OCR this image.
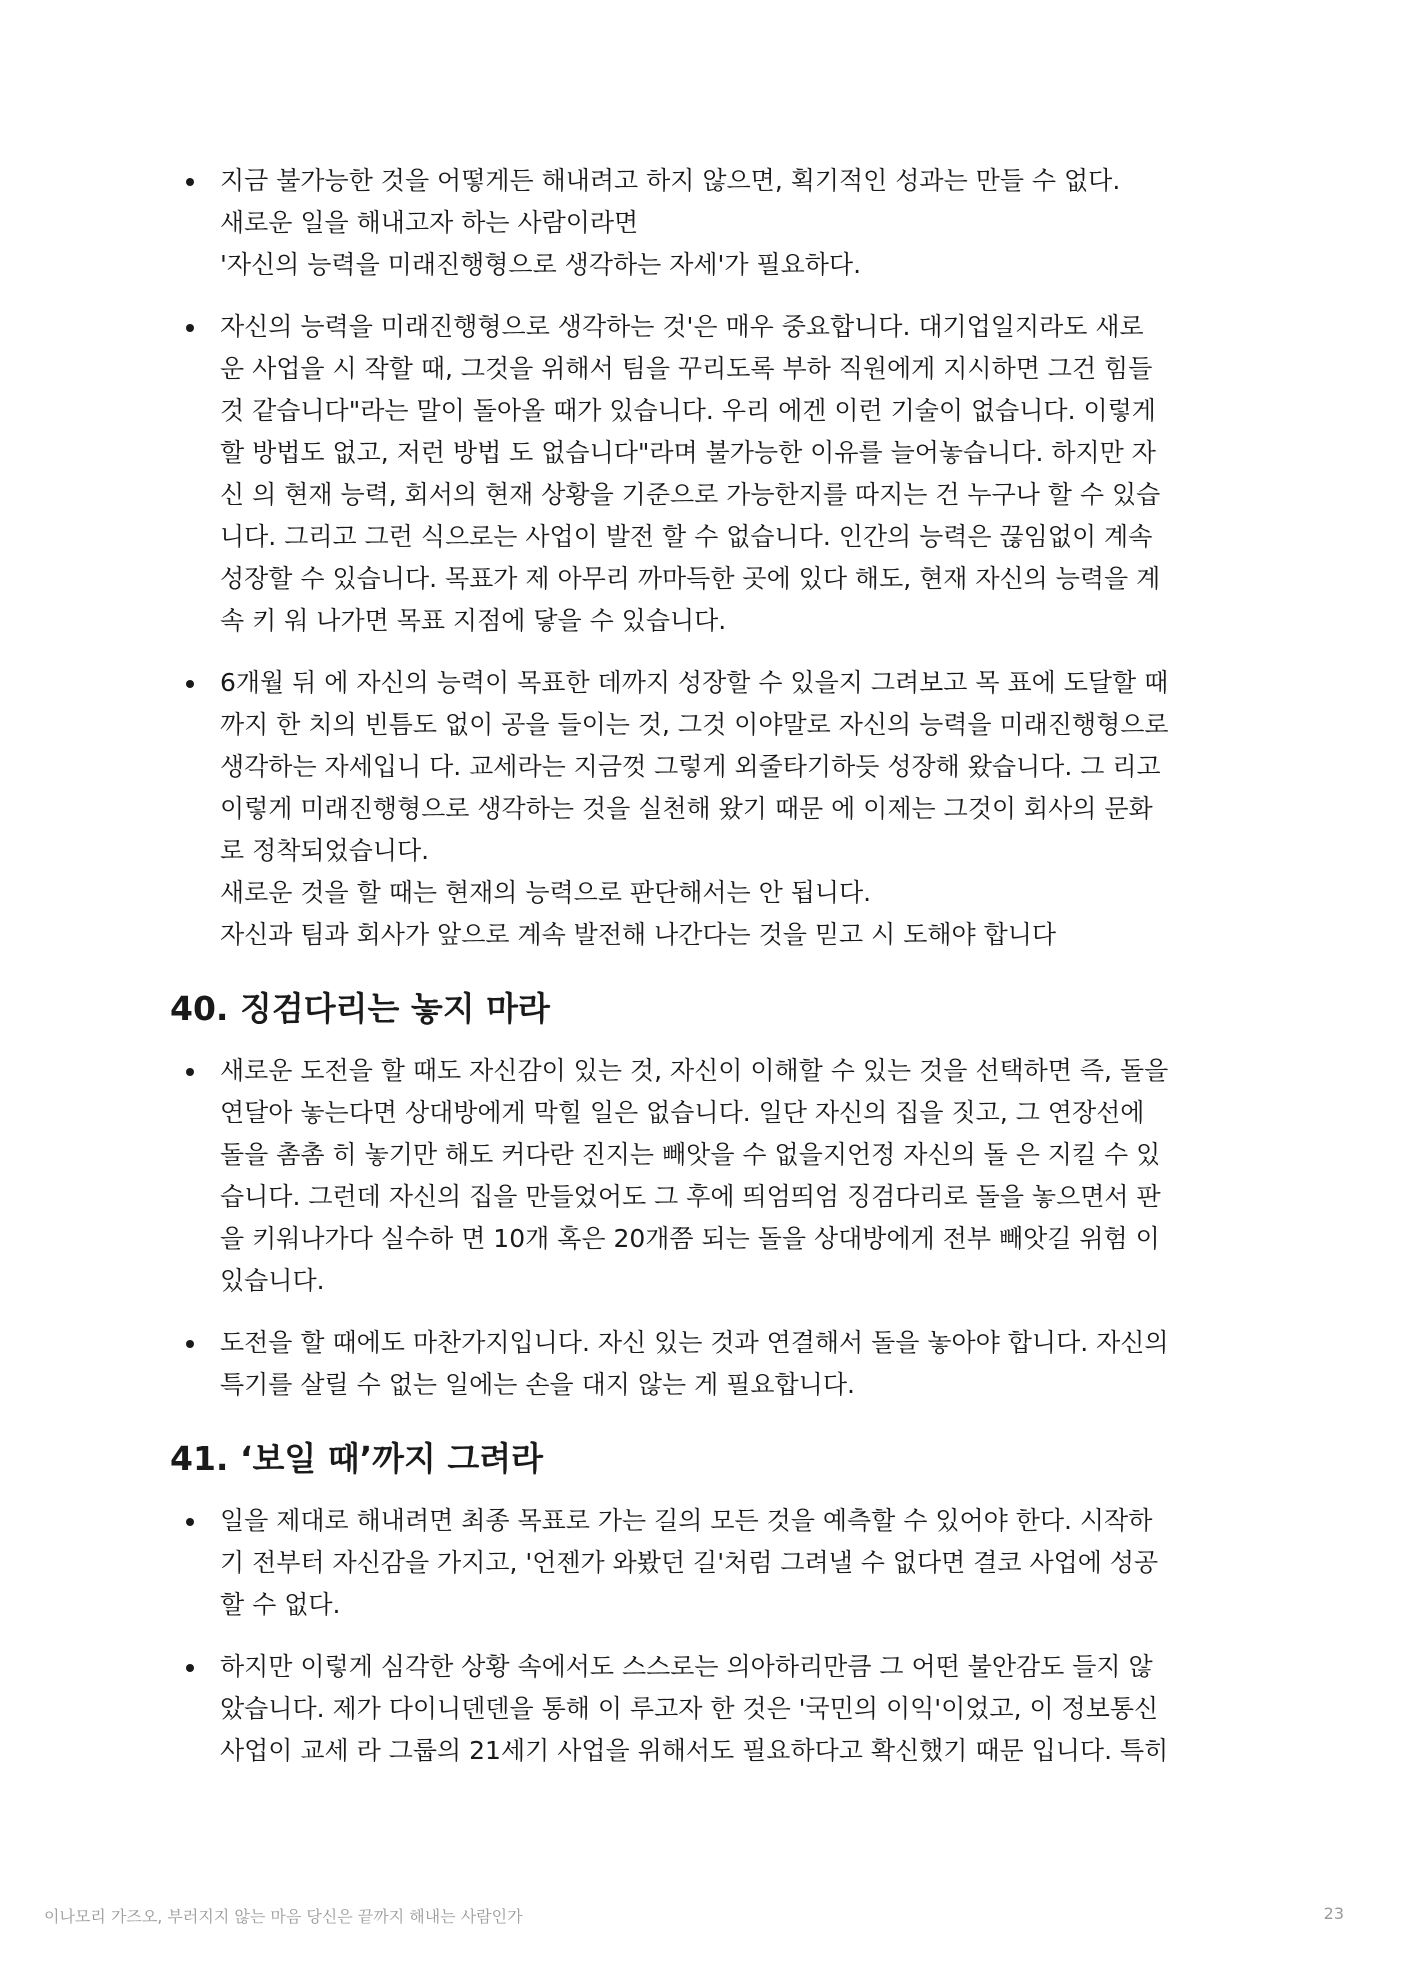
지금 불가능한 것을 어떻게든 해내려고 하지 않으면, 획기적인 성과는 만들 수 없다.
새로운 일을 해내고자 하는 사람이라면
'자신의 능력을 미래진행형으로 생각하는 자세'가 필요하다.
자신의 능력을 미래진행형으로 생각하는 것'은 매우 중요합니다. 대기업일지라도 새로
운 사업을 시 작할 때, 그것을 위해서 팀을 꾸리도록 부하 직원에게 지시하면 그건 힘들
것 같습니다"라는 말이 돌아올 때가 있습니다. 우리 에겐 이런 기술이 없습니다. 이렇게
할 방법도 없고, 저런 방법 도 없습니다"라며 불가능한 이유를 늘어놓습니다. 하지만 자
신 의 현재 능력, 회서의 현재 상황을 기준으로 가능한지를 따지는 건 누구나 할 수 있습
니다. 그리고 그런 식으로는 사업이 발전 할 수 없습니다. 인간의 능력은 끊임없이 계속
성장할 수 있습니다. 목표가 제 아무리 까마득한 곳에 있다 해도, 현재 자신의 능력을 계
속 키 워 나가면 목표 지점에 닿을 수 있습니다.
6개월 뒤 에 자신의 능력이 목표한 데까지 성장할 수 있을지 그려보고 목 표에 도달할 때
까지 한 치의 빈틈도 없이 공을 들이는 것, 그것 이야말로 자신의 능력을 미래진행형으로
생각하는 자세입니 다. 교세라는 지금껏 그렇게 외줄타기하듯 성장해 왔습니다. 그 리고
이렇게 미래진행형으로 생각하는 것을 실천해 왔기 때문 에 이제는 그것이 회사의 문화
로 정착되었습니다.
새로운 것을 할 때는 현재의 능력으로 판단해서는 안 됩니다.
자신과 팀과 회사가 앞으로 계속 발전해 나간다는 것을 믿고 시 도해야 합니다
40. 징검다리는 놓지 마라
새로운 도전을 할 때도 자신감이 있는 것, 자신이 이해할 수 있는 것을 선택하면 즉, 돌을
연달아 놓는다면 상대방에게 막힐 일은 없습니다. 일단 자신의 집을 짓고, 그 연장선에
돌을 촘촘 히 놓기만 해도 커다란 진지는 빼앗을 수 없을지언정 자신의 돌 은 지킬 수 있
습니다. 그런데 자신의 집을 만들었어도 그 후에 띄엄띄엄 징검다리로 돌을 놓으면서 판
을 키워나가다 실수하 면 10개 혹은 20개쯤 되는 돌을 상대방에게 전부 빼앗길 위험 이
있습니다.
도전을 할 때에도 마찬가지입니다. 자신 있는 것과 연결해서 돌을 놓아야 합니다. 자신의
특기를 살릴 수 없는 일에는 손을 대지 않는 게 필요합니다.
41. ‘보일 때’까지 그려라
일을 제대로 해내려면 최종 목표로 가는 길의 모든 것을 예측할 수 있어야 한다. 시작하
기 전부터 자신감을 가지고, '언젠가 와봤던 길'처럼 그려낼 수 없다면 결코 사업에 성공
할 수 없다.
하지만 이렇게 심각한 상황 속에서도 스스로는 의아하리만큼 그 어떤 불안감도 들지 않
았습니다. 제가 다이니덴덴을 통해 이 루고자 한 것은 '국민의 이익'이었고, 이 정보통신
사업이 교세 라 그룹의 21세기 사업을 위해서도 필요하다고 확신했기 때문 입니다. 특히
이나모리 가즈오, 부러지지 않는 마음 당신은 끝까지 해내는 사람인가	23
